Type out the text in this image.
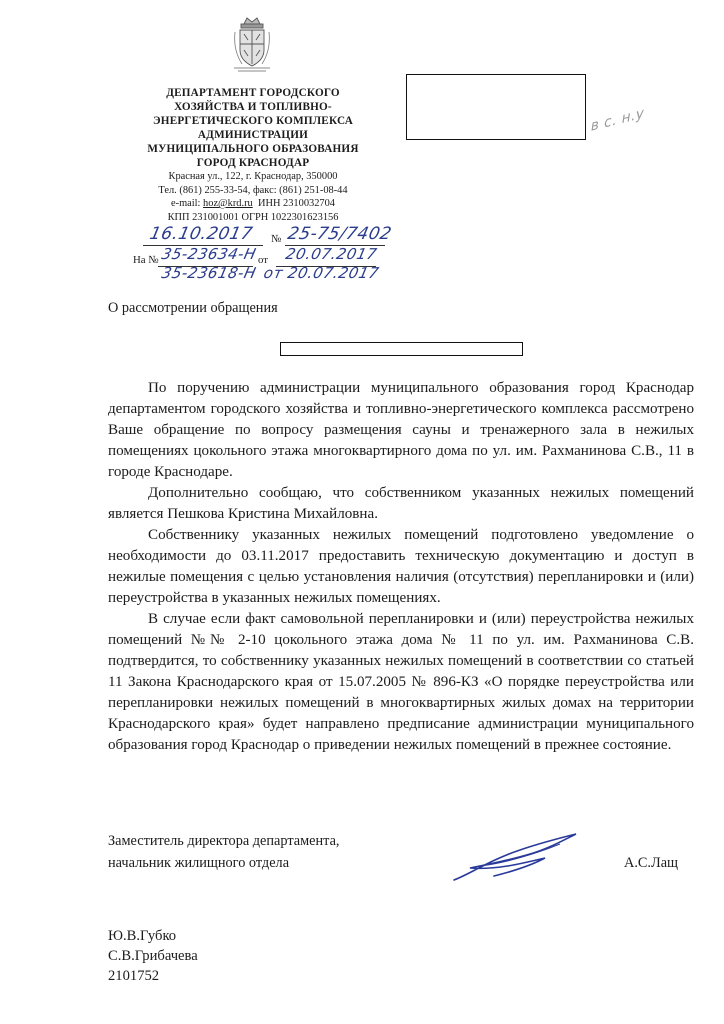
ДЕПАРТАМЕНТ ГОРОДСКОГО
ХОЗЯЙСТВА И ТОПЛИВНО-
ЭНЕРГЕТИЧЕСКОГО КОМПЛЕКСА
АДМИНИСТРАЦИИ
МУНИЦИПАЛЬНОГО ОБРАЗОВАНИЯ
ГОРОД КРАСНОДАР
Красная ул., 122, г. Краснодар, 350000
Тел. (861) 255-33-54, факс: (861) 251-08-44
e-mail: hoz@krd.ru ИНН 2310032704
КПП 231001001 ОГРН 1022301623156
16.10.2017 № 25-75/7402
На № 35-23634-Н от 20.07.2017
35-23618-Н от 20.07.2017
в с. н.у
О рассмотрении обращения

По поручению администрации муниципального образования город Краснодар департаментом городского хозяйства и топливно-энергетического комплекса рассмотрено Ваше обращение по вопросу размещения сауны и тренажерного зала в нежилых помещениях цокольного этажа многоквартирного дома по ул. им. Рахманинова С.В., 11 в городе Краснодаре.

Дополнительно сообщаю, что собственником указанных нежилых помещений является Пешкова Кристина Михайловна.

Собственнику указанных нежилых помещений подготовлено уведомление о необходимости до 03.11.2017 предоставить техническую документацию и доступ в нежилые помещения с целью установления наличия (отсутствия) перепланировки и (или) переустройства в указанных нежилых помещениях.

В случае если факт самовольной перепланировки и (или) переустройства нежилых помещений №№ 2-10 цокольного этажа дома № 11 по ул. им. Рахманинова С.В. подтвердится, то собственнику указанных нежилых помещений в соответствии со статьей 11 Закона Краснодарского края от 15.07.2005 № 896-КЗ «О порядке переустройства или перепланировки нежилых помещений в многоквартирных жилых домах на территории Краснодарского края» будет направлено предписание администрации муниципального образования город Краснодар о приведении нежилых помещений в прежнее состояние.

Заместитель директора департамента,
начальник жилищного отдела	А.С.Лащ
Ю.В.Губко
С.В.Грибачева
2101752
